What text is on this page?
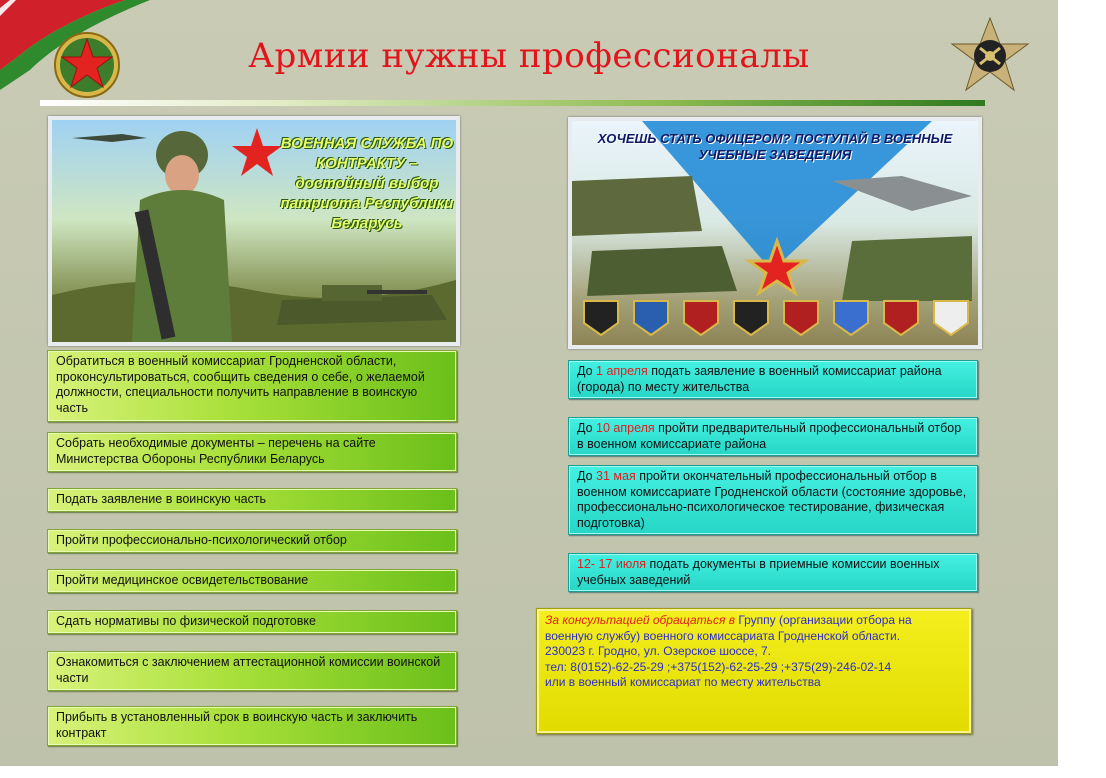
Армии нужны профессионалы
ВОЕННАЯ СЛУЖБА ПО КОНТРАКТУ – достойный выбор патриота Республики Беларусь
ХОЧЕШЬ СТАТЬ ОФИЦЕРОМ? ПОСТУПАЙ В ВОЕННЫЕ УЧЕБНЫЕ ЗАВЕДЕНИЯ
Обратиться в военный комиссариат Гродненской области, проконсультироваться, сообщить сведения о себе, о желаемой должности, специальности получить направление в воинскую часть
Собрать необходимые документы – перечень на сайте Министерства Обороны Республики Беларусь
Подать заявление в воинскую часть
Пройти профессионально-психологический отбор
Пройти медицинское освидетельствование
Сдать нормативы по физической подготовке
Ознакомиться с заключением аттестационной комиссии воинской части
Прибыть в установленный срок в воинскую часть и заключить контракт
До 1 апреля подать заявление в военный комиссариат района (города) по месту жительства
До 10 апреля пройти предварительный профессиональный отбор в военном комиссариате района
До 31 мая пройти окончательный профессиональный отбор в военном комиссариате Гродненской области (состояние здоровье, профессионально-психологическое тестирование, физическая подготовка)
12- 17 июля подать документы в приемные комиссии военных учебных заведений
За консультацией обращаться в Группу (организации отбора на
военную службу) военного комиссариата Гродненской области.
230023 г. Гродно, ул. Озерское шоссе, 7.
тел: 8(0152)-62-25-29 ;+375(152)-62-25-29 ;+375(29)-246-02-14
или в военный комиссариат по месту жительства
